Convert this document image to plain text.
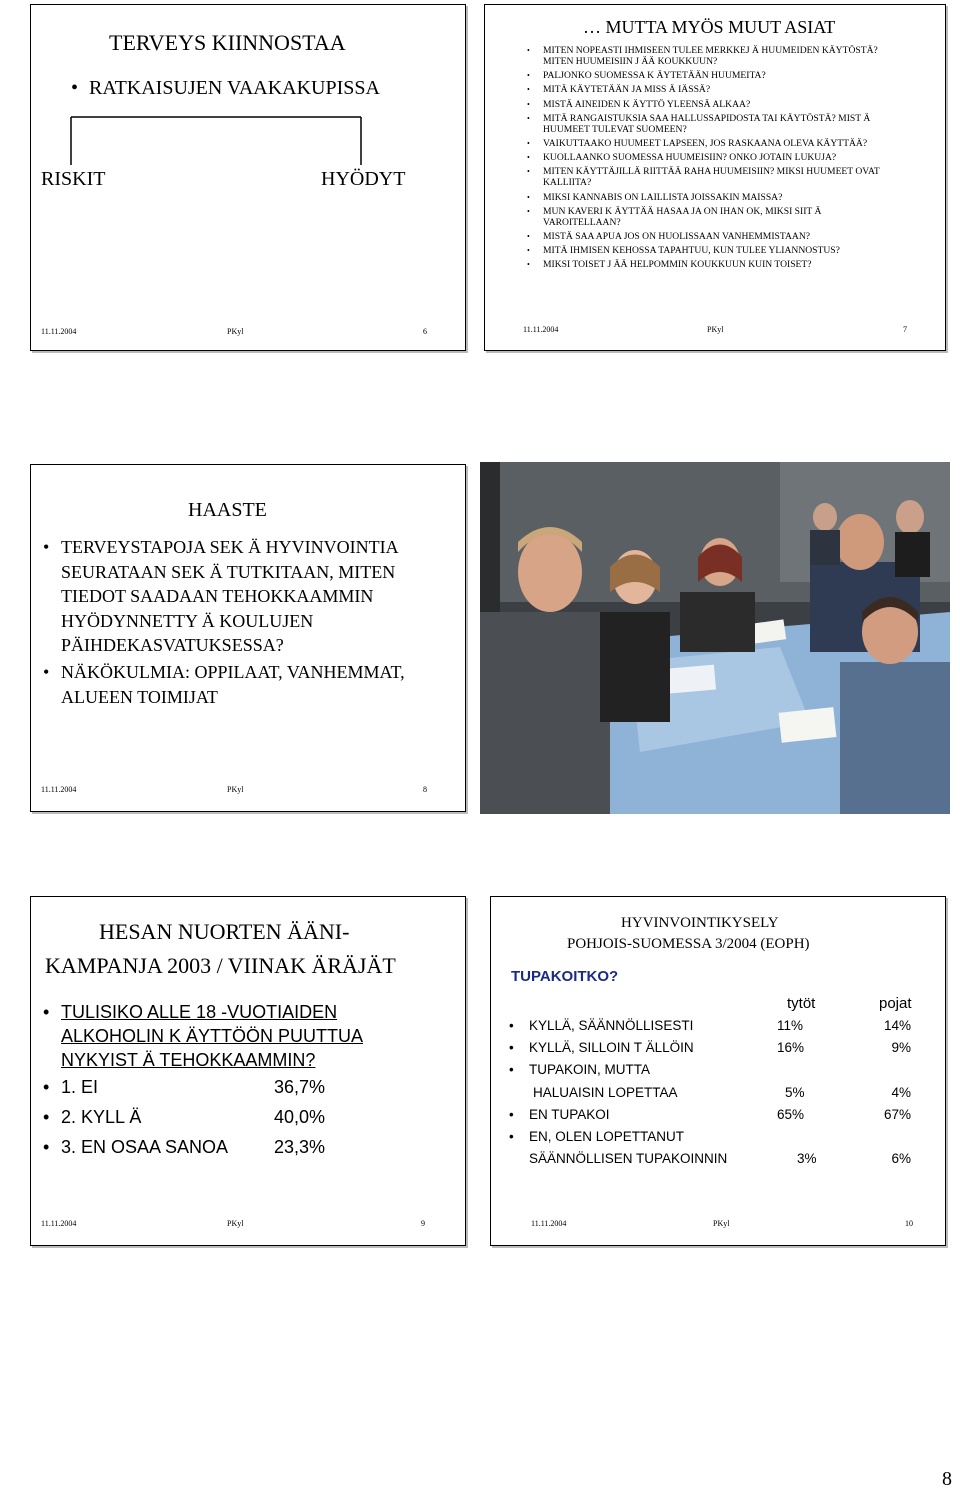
TERVEYS KIINNOSTAA
• RATKAISUJEN VAAKAKUPISSA
RISKIT	HYÖDYT
11.11.2004	PKyl	6
… MUTTA MYÖS MUUT ASIAT
• MITEN NOPEASTI IHMISEEN TULEE MERKKEJ Ä HUUMEIDEN KÄYTÖSTÄ? MITEN HUUMEISIIN J ÄÄ KOUKKUUN?
• PALJONKO SUOMESSA K ÄYTETÄÄN HUUMEITA?
• MITÄ KÄYTETÄÄN JA MISS Ä IÄSSÄ?
• MISTÄ AINEIDEN K ÄYTTÖ YLEENSÄ ALKAA?
• MITÄ RANGAISTUKSIA SAA HALLUSSAPIDOSTA TAI KÄYTÖSTÄ? MIST Ä HUUMEET TULEVAT SUOMEEN?
• VAIKUTTAAKO HUUMEET LAPSEEN, JOS RASKAANA OLEVA KÄYTTÄÄ?
• KUOLLAANKO SUOMESSA HUUMEISIIN? ONKO JOTAIN LUKUJA?
• MITEN KÄYTTÄJILLÄ RIITTÄÄ RAHA HUUMEISIIN? MIKSI HUUMEET OVAT KALLIITA?
• MIKSI KANNABIS ON LAILLISTA JOISSAKIN MAISSA?
• MUN KAVERI K ÄYTTÄÄ HASAA JA ON IHAN OK, MIKSI SIIT Ä VAROITELLAAN?
• MISTÄ SAA APUA JOS ON HUOLISSAAN VANHEMMISTAAN?
• MITÄ IHMISEN KEHOSSA TAPAHTUU, KUN TULEE YLIANNOSTUS?
• MIKSI TOISET J ÄÄ HELPOMMIN KOUKKUUN KUIN TOISET?
11.11.2004	PKyl	7
HAASTE
• TERVEYSTAPOJA SEK Ä HYVINVOINTIA SEURATAAN SEK Ä TUTKITAAN, MITEN TIEDOT SAADAAN TEHOKKAAMMIN HYÖDYNNETTY Ä KOULUJEN PÄIHDEKASVATUKSESSA?
• NÄKÖKULMIA: OPPILAAT, VANHEMMAT, ALUEEN TOIMIJAT
11.11.2004	PKyl	8
HESAN NUORTEN ÄÄNI-
KAMPANJA 2003 / VIINAK ÄRÄJÄT
• TULISIKO ALLE 18 -VUOTIAIDEN ALKOHOLIN K ÄYTTÖÖN PUUTTUA NYKYIST Ä TEHOKKAAMMIN?
• 1. EI	36,7%
• 2. KYLL Ä	40,0%
• 3. EN OSAA SANOA	23,3%
11.11.2004	PKyl	9
HYVINVOINTIKYSELY
POHJOIS-SUOMESSA 3/2004 (EOPH)
TUPAKOITKO?
tytöt	pojat
• KYLLÄ, SÄÄNNÖLLISESTI	11%	14%
• KYLLÄ, SILLOIN T ÄLLÖIN	16%	9%
• TUPAKOIN, MUTTA
HALUAISIN LOPETTAA	5%	4%
• EN TUPAKOI	65%	67%
• EN, OLEN LOPETTANUT
SÄÄNNÖLLISEN TUPAKOINNIN	3%	6%
11.11.2004	PKyl	10
8
